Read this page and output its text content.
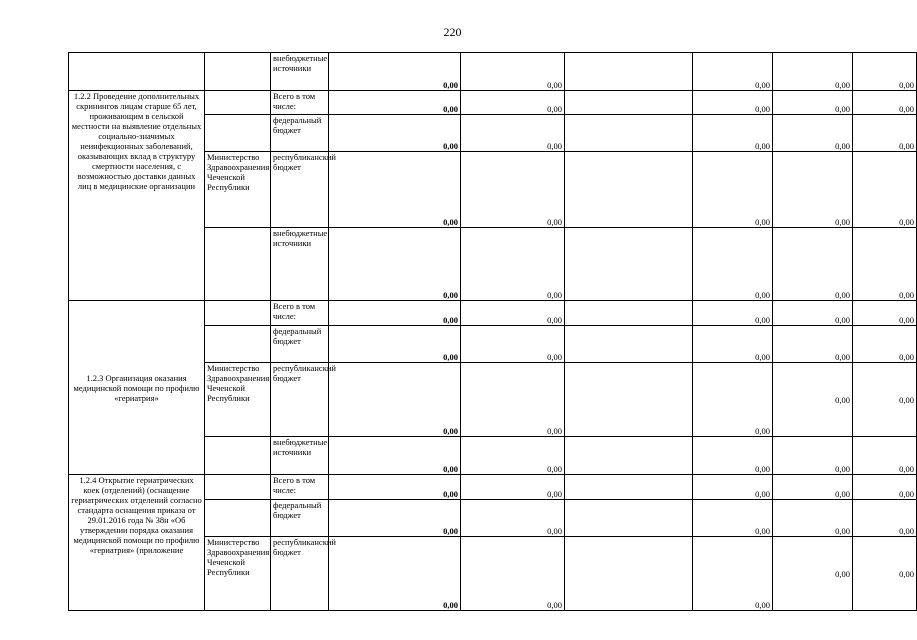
220
		внебюджетные источники	0,00	0,00		0,00	0,00	0,00
1.2.2 Проведение дополнительных скринингов лицам старше 65 лет, проживающим в сельской местности на выявление отдельных социально-значимых неинфекционных заболеваний, оказывающих вклад в структуру смертности населения, с возможностью доставки данных лиц в медицинские организации		Всего в том числе:	0,00	0,00		0,00	0,00	0,00
		федеральный бюджет	0,00	0,00		0,00	0,00	0,00
	Министерство Здравоохранения Чеченской Республики	республиканский бюджет	0,00	0,00		0,00	0,00	0,00
		внебюджетные источники	0,00	0,00		0,00	0,00	0,00
1.2.3 Организация оказания медицинской помощи по профилю «гериатрия»		Всего в том числе:	0,00	0,00		0,00	0,00	0,00
		федеральный бюджет	0,00	0,00		0,00	0,00	0,00
	Министерство Здравоохранения Чеченской Республики	республиканский бюджет	0,00	0,00		0,00	0,00	0,00
		внебюджетные источники	0,00	0,00		0,00	0,00	0,00
1.2.4 Открытие гериатрических коек (отделений) (оснащение гериатрических отделений согласно стандарта оснащения приказа от 29.01.2016 года № 38н «Об утверждении порядка оказания медицинской помощи по профилю «гериатрия» (приложение		Всего в том числе:	0,00	0,00		0,00	0,00	0,00
		федеральный бюджет	0,00	0,00		0,00	0,00	0,00
	Министерство Здравоохранения Чеченской Республики	республиканский бюджет	0,00	0,00		0,00	0,00	0,00
